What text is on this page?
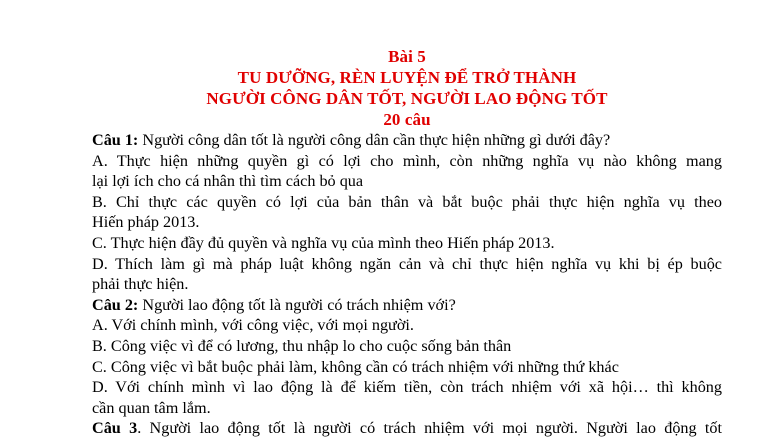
Bài 5
TU DƯỠNG, RÈN LUYỆN ĐỂ TRỞ THÀNH
NGƯỜI CÔNG DÂN TỐT, NGƯỜI LAO ĐỘNG TỐT
20 câu
Câu 1: Người công dân tốt là người công dân cần thực hiện những gì dưới đây?
A. Thực hiện những quyền gì có lợi cho mình, còn những nghĩa vụ nào không mang
lại lợi ích cho cá nhân thì tìm cách bỏ qua
B. Chỉ thực các quyền có lợi của bản thân và bắt buộc phải thực hiện nghĩa vụ theo
Hiến pháp 2013.
C. Thực hiện đầy đủ quyền và nghĩa vụ của mình theo Hiến pháp 2013.
D. Thích làm gì mà pháp luật không ngăn cản và chỉ thực hiện nghĩa vụ khi bị ép buộc
phải thực hiện.
Câu 2: Người lao động tốt là người có trách nhiệm với?
A. Với chính mình, với công việc, với mọi người.
B. Công việc vì để có lương, thu nhập lo cho cuộc sống bản thân
C. Công việc vì bắt buộc phải làm, không cần có trách nhiệm với những thứ khác
D. Với chính mình vì lao động là để kiếm tiền, còn trách nhiệm với xã hội… thì không
cần quan tâm lắm.
Câu 3. Người lao động tốt là người có trách nhiệm với mọi người. Người lao động tốt
